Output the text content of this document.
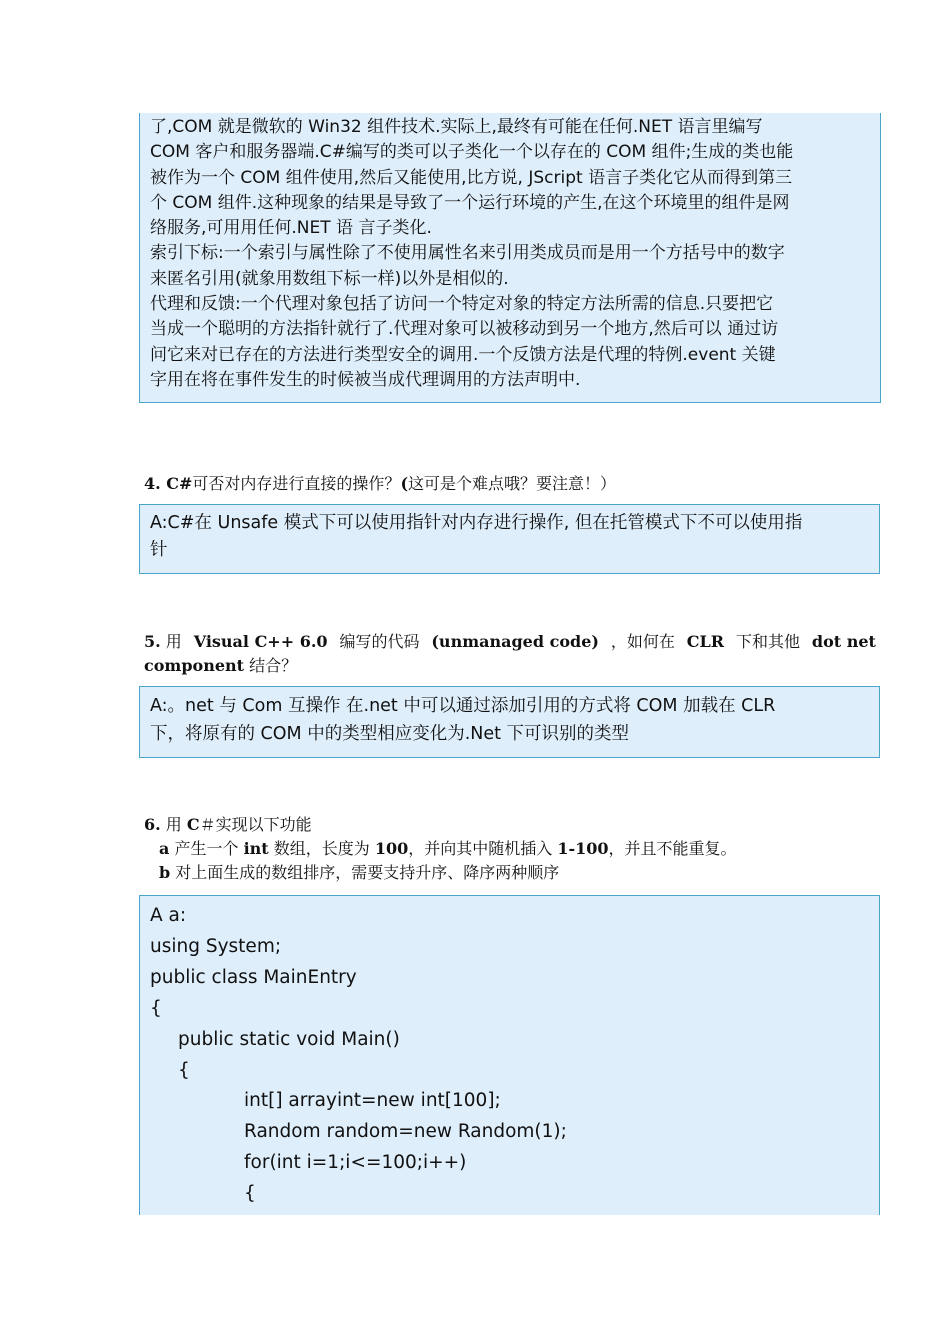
了,COM 就是微软的 Win32 组件技术.实际上,最终有可能在任何.NET 语言里编写

COM 客户和服务器端.C#编写的类可以子类化一个以存在的 COM 组件;生成的类也能

被作为一个 COM 组件使用,然后又能使用,比方说, JScript 语言子类化它从而得到第三

个 COM 组件.这种现象的结果是导致了一个运行环境的产生,在这个环境里的组件是网

络服务,可用用任何.NET 语 言子类化.

索引下标:一个索引与属性除了不使用属性名来引用类成员而是用一个方括号中的数字

来匿名引用(就象用数组下标一样)以外是相似的.

代理和反馈:一个代理对象包括了访问一个特定对象的特定方法所需的信息.只要把它

当成一个聪明的方法指针就行了.代理对象可以被移动到另一个地方,然后可以 通过访

问它来对已存在的方法进行类型安全的调用.一个反馈方法是代理的特例.event 关键

字用在将在事件发生的时候被当成代理调用的方法声明中.

4. C#可否对内存进行直接的操作？(这可是个难点哦？要注意！）

A:C#在 Unsafe 模式下可以使用指针对内存进行操作, 但在托管模式下不可以使用指

针

5. 用 Visual C++ 6.0 编写的代码 (unmanaged code) ，如何在 CLR 下和其他 dot net

component 结合？

A:。net 与 Com 互操作 在.net 中可以通过添加引用的方式将 COM 加载在 CLR

下，将原有的 COM 中的类型相应变化为.Net 下可识别的类型

6. 用 C＃实现以下功能

a 产生一个 int 数组，长度为 100，并向其中随机插入 1-100，并且不能重复。

b 对上面生成的数组排序，需要支持升序、降序两种顺序

A a:

using System;

public class MainEntry

{

public static void Main()

{

int[] arrayint=new int[100];

Random random=new Random(1);

for(int i=1;i<=100;i++)

{
